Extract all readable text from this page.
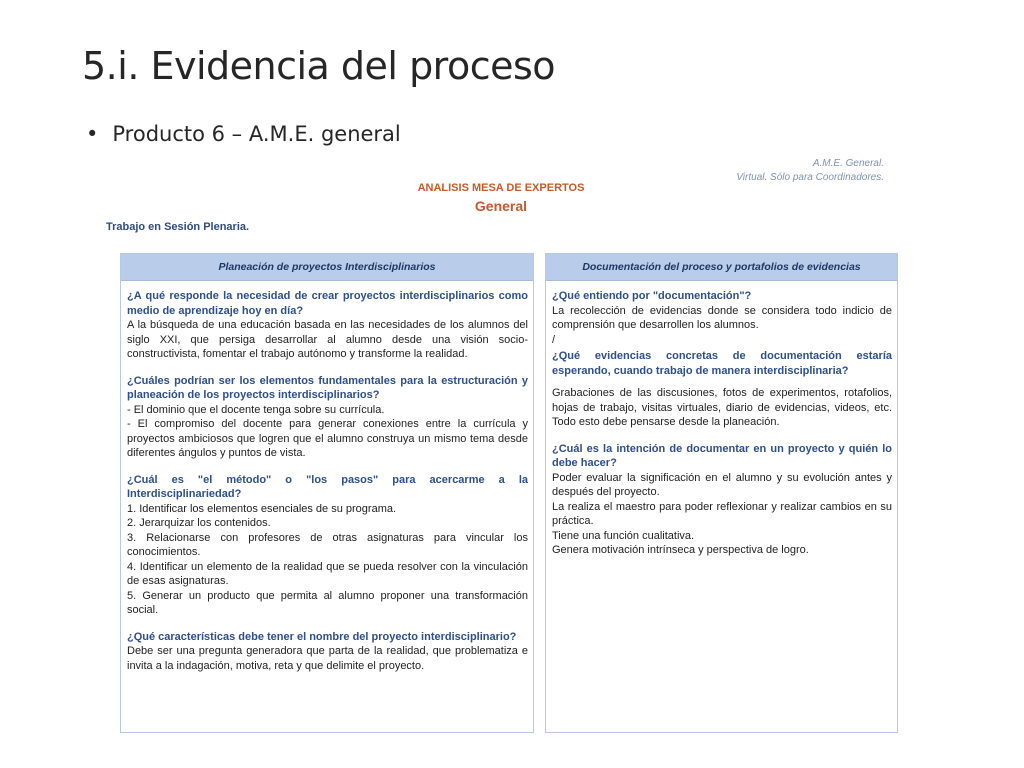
5.i. Evidencia del proceso
• Producto 6 – A.M.E. general
A.M.E. General.
Virtual. Sólo para Coordinadores.
ANALISIS MESA DE EXPERTOS
General
Trabajo en Sesión Plenaria.
Planeación de proyectos Interdisciplinarios
¿A qué responde la necesidad de crear proyectos interdisciplinarios como medio de aprendizaje hoy en día?
A la búsqueda de una educación basada en las necesidades de los alumnos del siglo XXI, que persiga desarrollar al alumno desde una visión socio-constructivista, fomentar el trabajo autónomo y transforme la realidad.
¿Cuáles podrían ser los elementos fundamentales para la estructuración y planeación de los proyectos interdisciplinarios?
- El dominio que el docente tenga sobre su currícula.
- El compromiso del docente para generar conexiones entre la currícula y proyectos ambiciosos que logren que el alumno construya un mismo tema desde diferentes ángulos y puntos de vista.
¿Cuál es "el método" o "los pasos" para acercarme a la Interdisciplinariedad?
1. Identificar los elementos esenciales de su programa.
2. Jerarquizar los contenidos.
3. Relacionarse con profesores de otras asignaturas para vincular los conocimientos.
4. Identificar un elemento de la realidad que se pueda resolver con la vinculación de esas asignaturas.
5. Generar un producto que permita al alumno proponer una transformación social.
¿Qué características debe tener el nombre del proyecto interdisciplinario?
Debe ser una pregunta generadora que parta de la realidad, que problematiza e invita a la indagación, motiva, reta y que delimite el proyecto.
Documentación del proceso y portafolios de evidencias
¿Qué entiendo por "documentación"?
La recolección de evidencias donde se considera todo indicio de comprensión que desarrollen los alumnos.
/
¿Qué evidencias concretas de documentación estaría esperando, cuando trabajo de manera interdisciplinaria?
Grabaciones de las discusiones, fotos de experimentos, rotafolios, hojas de trabajo, visitas virtuales, diario de evidencias, videos, etc. Todo esto debe pensarse desde la planeación.
¿Cuál es la intención de documentar en un proyecto y quién lo debe hacer?
Poder evaluar la significación en el alumno y su evolución antes y después del proyecto.
La realiza el maestro para poder reflexionar y realizar cambios en su práctica.
Tiene una función cualitativa.
Genera motivación intrínseca y perspectiva de logro.
